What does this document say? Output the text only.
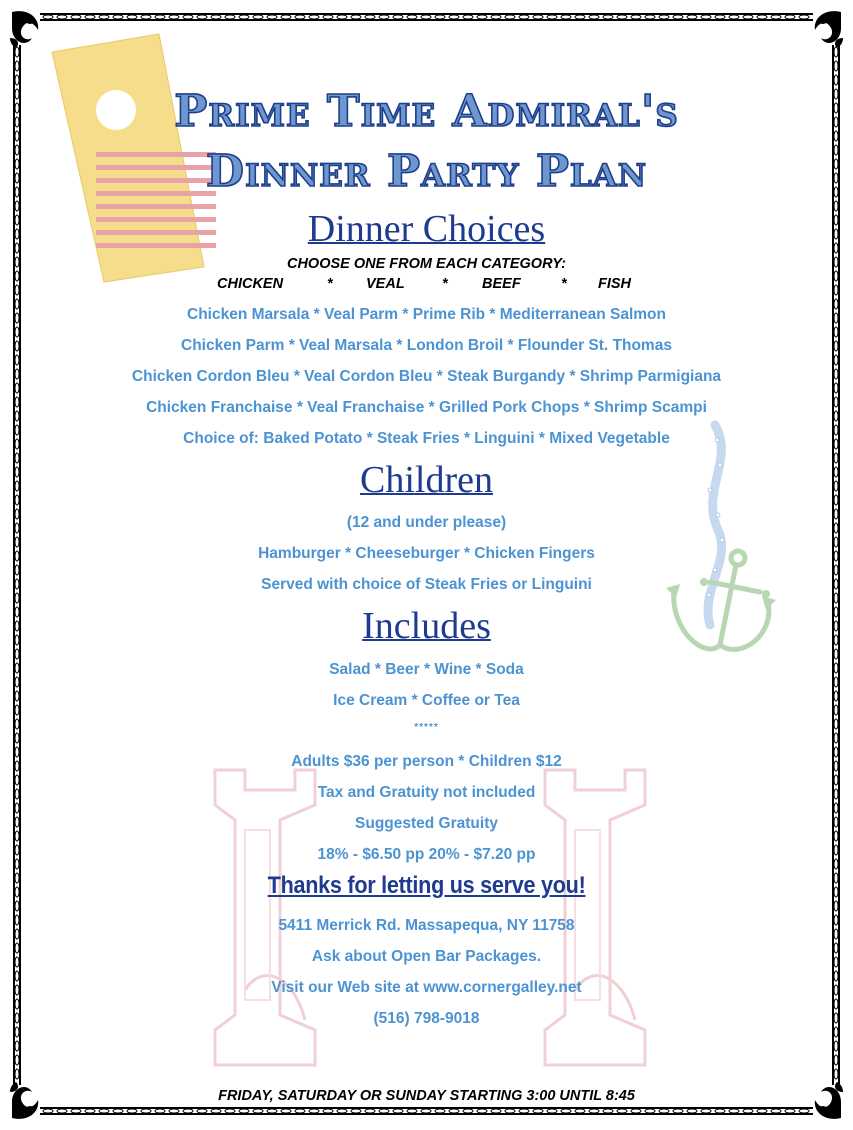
Prime Time Admiral's
Dinner Party Plan
Dinner Choices
CHOOSE ONE FROM EACH CATEGORY:
CHICKEN	* VEAL	* BEEF	* FISH
Chicken Marsala * Veal Parm * Prime Rib * Mediterranean Salmon
Chicken Parm * Veal Marsala * London Broil * Flounder St. Thomas
Chicken Cordon Bleu * Veal Cordon Bleu * Steak Burgandy * Shrimp Parmigiana
Chicken Franchaise * Veal Franchaise * Grilled Pork Chops * Shrimp Scampi
Choice of: Baked Potato * Steak Fries * Linguini * Mixed Vegetable
Children
(12 and under please)
Hamburger * Cheeseburger * Chicken Fingers
Served with choice of Steak Fries or Linguini
Includes
Salad * Beer * Wine * Soda
Ice Cream * Coffee or Tea
*****
Adults $36 per person * Children $12
Tax and Gratuity not included
Suggested Gratuity
18% - $6.50 pp 20% - $7.20 pp
Thanks for letting us serve you!
5411 Merrick Rd. Massapequa, NY 11758
Ask about Open Bar Packages.
Visit our Web site at www.cornergalley.net
(516) 798-9018
FRIDAY, SATURDAY OR SUNDAY STARTING 3:00 UNTIL 8:45
